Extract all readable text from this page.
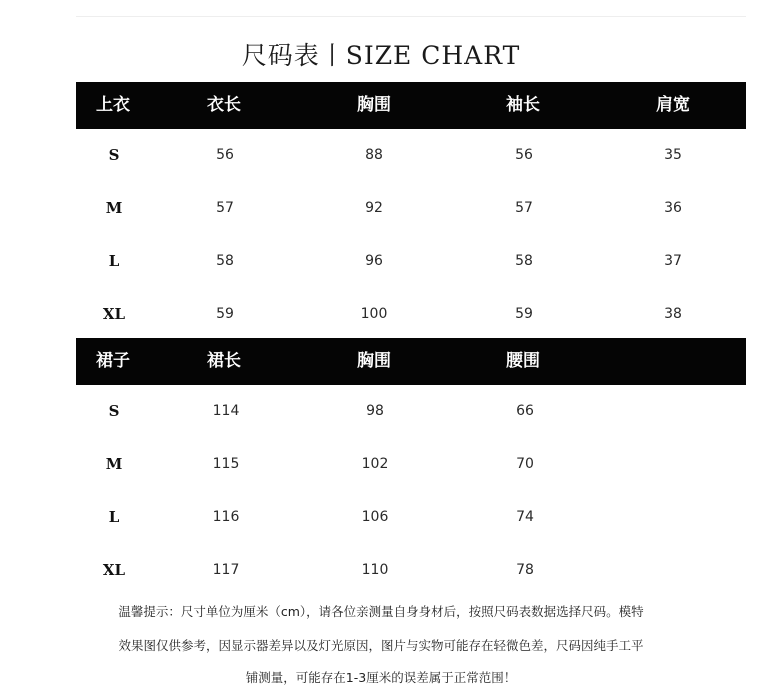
尺码表丨SIZE CHART
上衣	衣长	胸围	袖长	肩宽
S	56	88	56	35
M	57	92	57	36
L	58	96	58	37
XL	59	100	59	38
裙子	裙长	胸围	腰围
S	114	98	66
M	115	102	70
L	116	106	74
XL	117	110	78
温馨提示：尺寸单位为厘米（cm），请各位亲测量自身身材后，按照尺码表数据选择尺码。模特
效果图仅供参考，因显示器差异以及灯光原因，图片与实物可能存在轻微色差，尺码因纯手工平
铺测量，可能存在1-3厘米的误差属于正常范围！
